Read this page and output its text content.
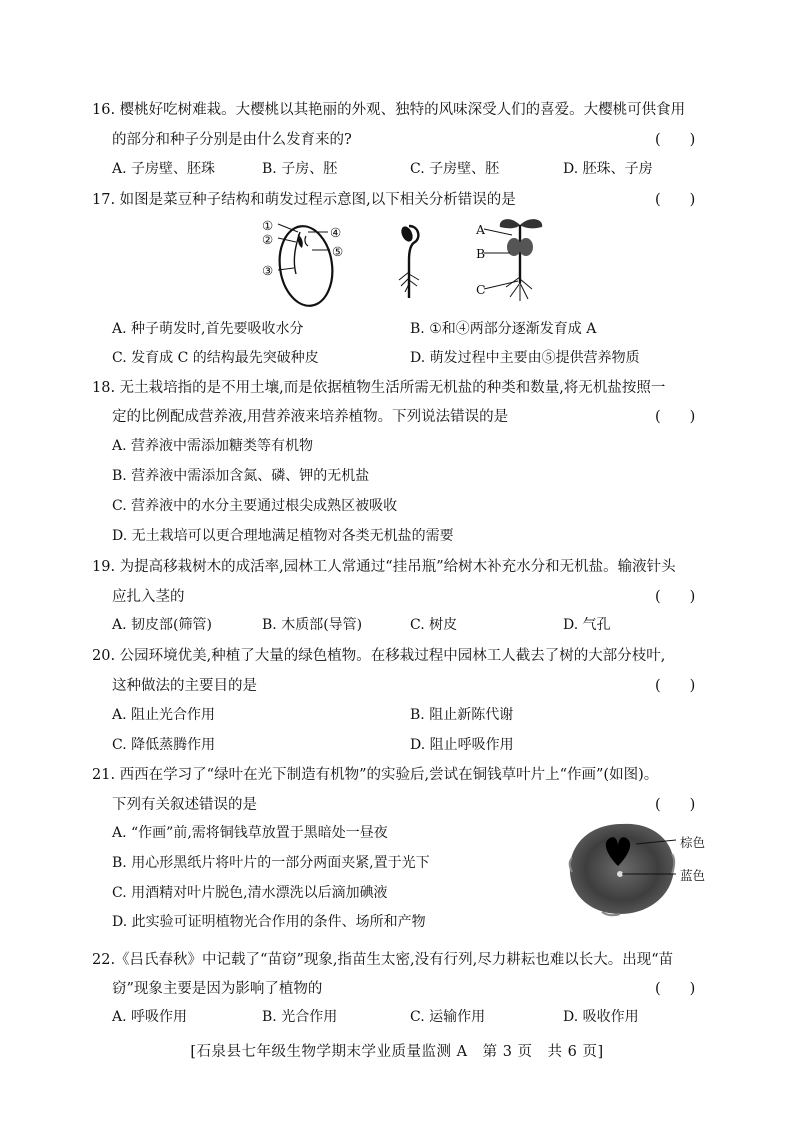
16. 樱桃好吃树难栽。大樱桃以其艳丽的外观、独特的风味深受人们的喜爱。大樱桃可供食用
的部分和种子分别是由什么发育来的?	(　　)
A. 子房壁、胚珠	B. 子房、胚	C. 子房壁、胚	D. 胚珠、子房
17. 如图是菜豆种子结构和萌发过程示意图,以下相关分析错误的是	(　　)
①
②
③
④
⑤
A
B
C
A. 种子萌发时,首先要吸收水分	B. ①和④两部分逐渐发育成 A
C. 发育成 C 的结构最先突破种皮	D. 萌发过程中主要由⑤提供营养物质
18. 无土栽培指的是不用土壤,而是依据植物生活所需无机盐的种类和数量,将无机盐按照一
定的比例配成营养液,用营养液来培养植物。下列说法错误的是	(　　)
A. 营养液中需添加糖类等有机物
B. 营养液中需添加含氮、磷、钾的无机盐
C. 营养液中的水分主要通过根尖成熟区被吸收
D. 无土栽培可以更合理地满足植物对各类无机盐的需要
19. 为提高移栽树木的成活率,园林工人常通过“挂吊瓶”给树木补充水分和无机盐。输液针头
应扎入茎的	(　　)
A. 韧皮部(筛管)	B. 木质部(导管)	C. 树皮	D. 气孔
20. 公园环境优美,种植了大量的绿色植物。在移栽过程中园林工人截去了树的大部分枝叶,
这种做法的主要目的是	(　　)
A. 阻止光合作用	B. 阻止新陈代谢
C. 降低蒸腾作用	D. 阻止呼吸作用
21. 西西在学习了“绿叶在光下制造有机物”的实验后,尝试在铜钱草叶片上“作画”(如图)。
下列有关叙述错误的是	(　　)
A. “作画”前,需将铜钱草放置于黑暗处一昼夜
B. 用心形黑纸片将叶片的一部分两面夹紧,置于光下
C. 用酒精对叶片脱色,清水漂洗以后滴加碘液
D. 此实验可证明植物光合作用的条件、场所和产物
棕色
蓝色
22.《吕氏春秋》中记载了“苗窃”现象,指苗生太密,没有行列,尽力耕耘也难以长大。出现“苗
窃”现象主要是因为影响了植物的	(　　)
A. 呼吸作用	B. 光合作用	C. 运输作用	D. 吸收作用
[石泉县七年级生物学期末学业质量监测 A　第 3 页　共 6 页]
